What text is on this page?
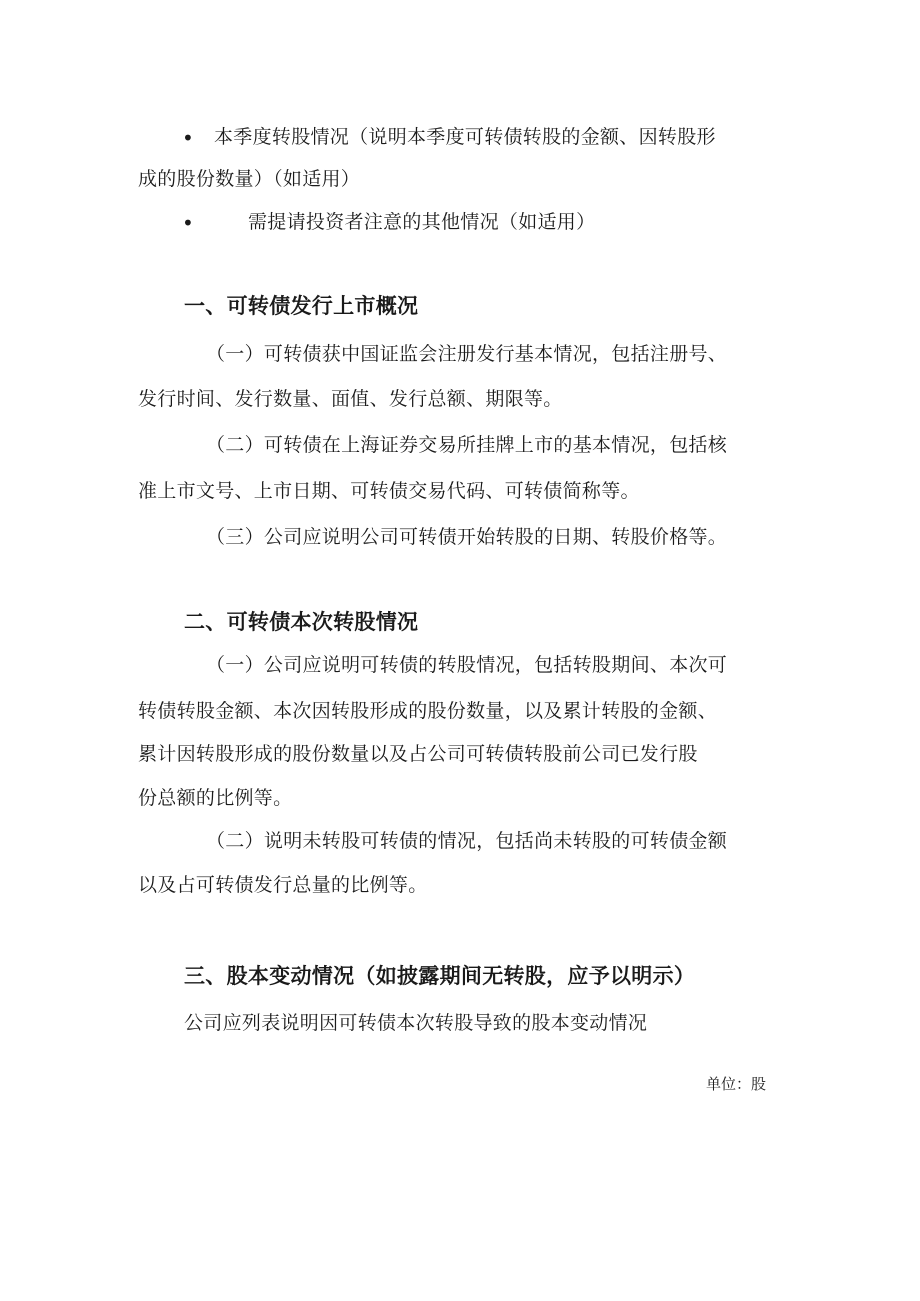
• 本季度转股情况（说明本季度可转债转股的金额、因转股形
成的股份数量）（如适用）
•	需提请投资者注意的其他情况（如适用）
一、可转债发行上市概况
（一）可转债获中国证监会注册发行基本情况，包括注册号、
发行时间、发行数量、面值、发行总额、期限等。
（二）可转债在上海证券交易所挂牌上市的基本情况，包括核
准上市文号、上市日期、可转债交易代码、可转债简称等。
（三）公司应说明公司可转债开始转股的日期、转股价格等。
二、可转债本次转股情况
（一）公司应说明可转债的转股情况，包括转股期间、本次可
转债转股金额、本次因转股形成的股份数量，以及累计转股的金额、
累计因转股形成的股份数量以及占公司可转债转股前公司已发行股
份总额的比例等。
（二）说明未转股可转债的情况，包括尚未转股的可转债金额
以及占可转债发行总量的比例等。
三、股本变动情况（如披露期间无转股，应予以明示）
公司应列表说明因可转债本次转股导致的股本变动情况
单位：股
